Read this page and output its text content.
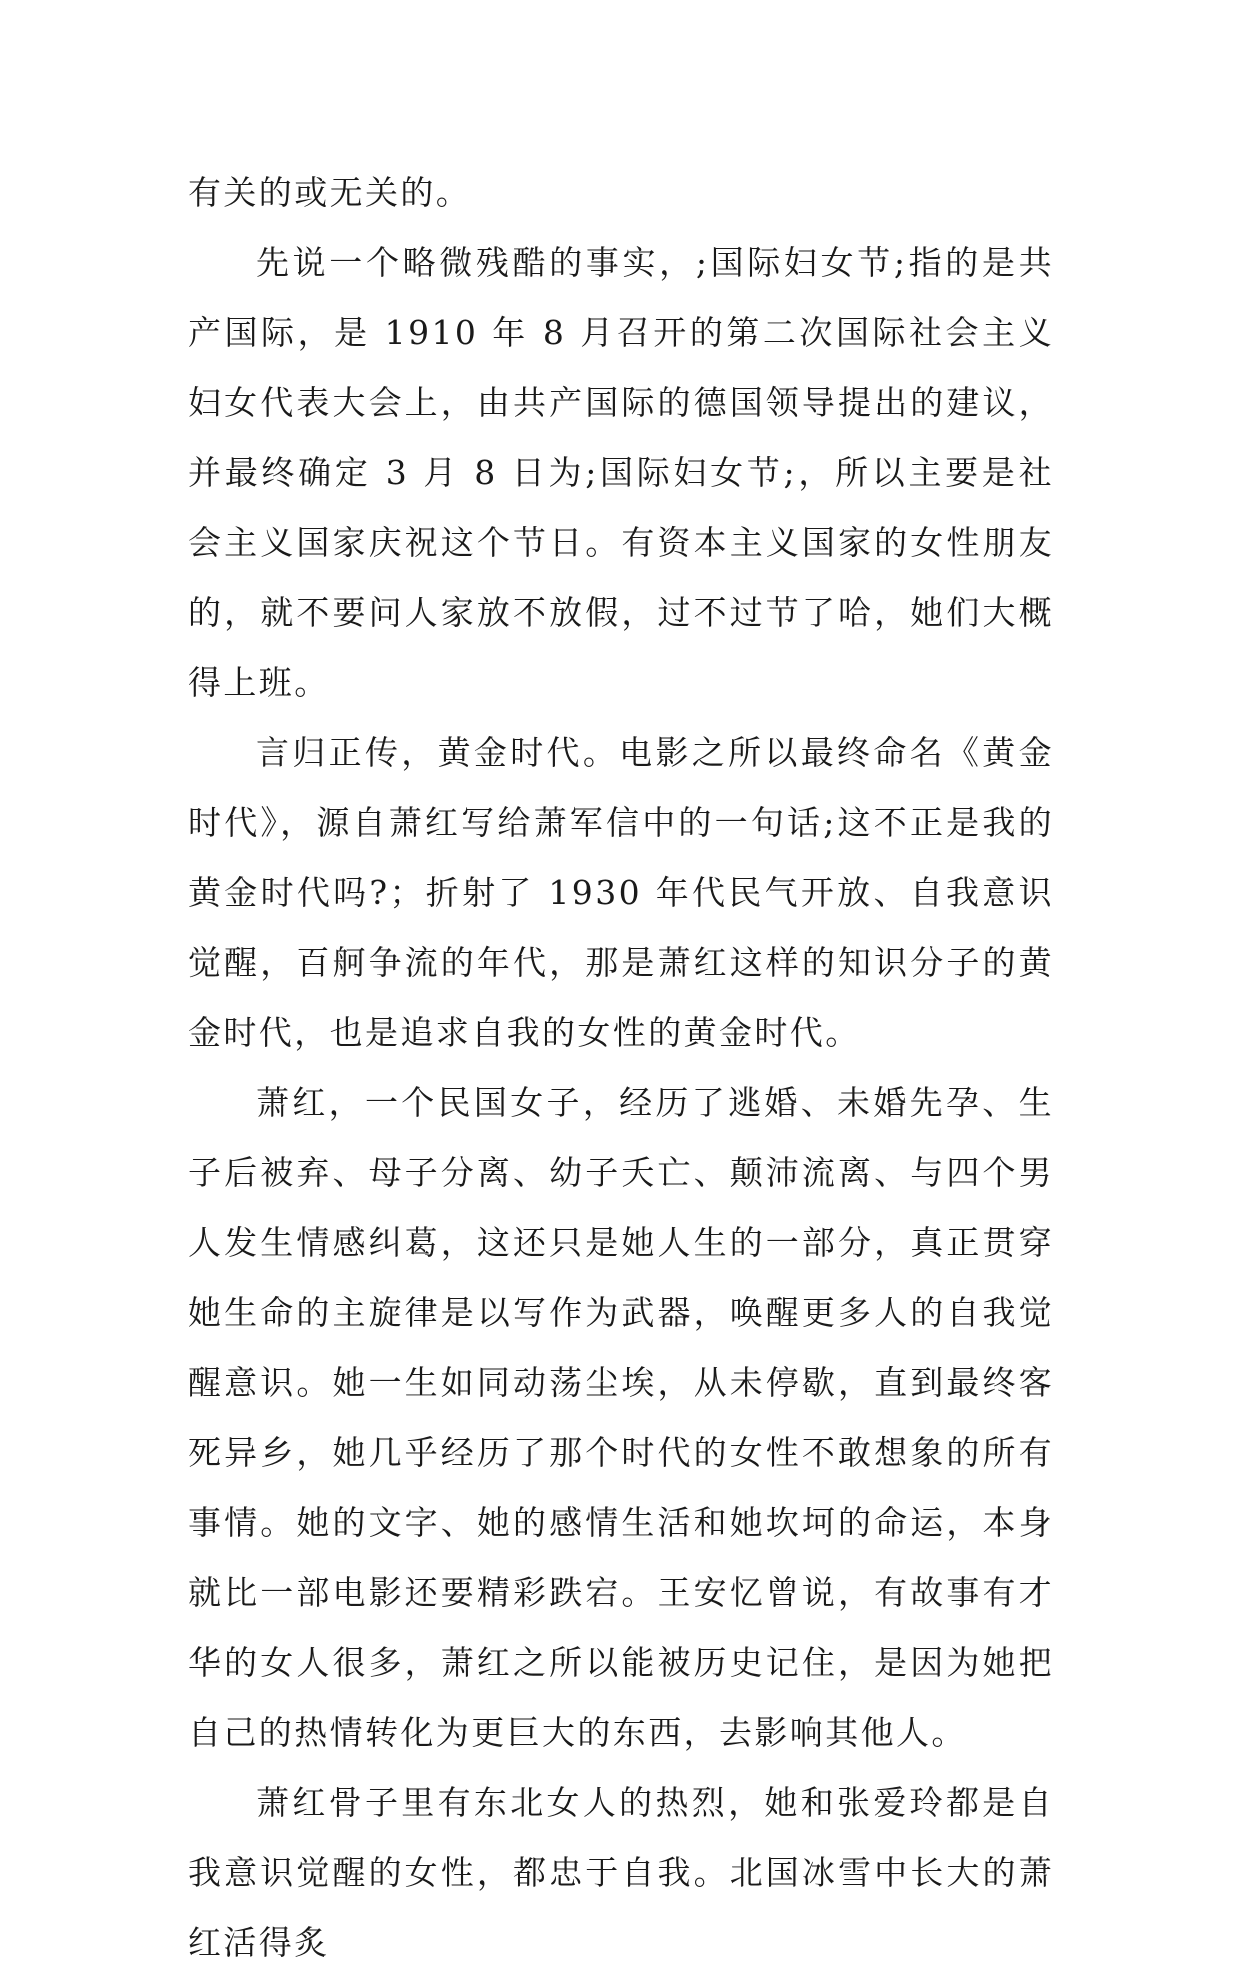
有关的或无关的。

先说一个略微残酷的事实，;国际妇女节;指的是共产国际，是 1910 年 8 月召开的第二次国际社会主义妇女代表大会上，由共产国际的德国领导提出的建议，并最终确定 3 月 8 日为;国际妇女节;，所以主要是社会主义国家庆祝这个节日。有资本主义国家的女性朋友的，就不要问人家放不放假，过不过节了哈，她们大概得上班。

言归正传，黄金时代。电影之所以最终命名《黄金时代》，源自萧红写给萧军信中的一句话;这不正是我的黄金时代吗?；折射了 1930 年代民气开放、自我意识觉醒，百舸争流的年代，那是萧红这样的知识分子的黄金时代，也是追求自我的女性的黄金时代。

萧红，一个民国女子，经历了逃婚、未婚先孕、生子后被弃、母子分离、幼子夭亡、颠沛流离、与四个男人发生情感纠葛，这还只是她人生的一部分，真正贯穿她生命的主旋律是以写作为武器，唤醒更多人的自我觉醒意识。她一生如同动荡尘埃，从未停歇，直到最终客死异乡，她几乎经历了那个时代的女性不敢想象的所有事情。她的文字、她的感情生活和她坎坷的命运，本身就比一部电影还要精彩跌宕。王安忆曾说，有故事有才华的女人很多，萧红之所以能被历史记住，是因为她把自己的热情转化为更巨大的东西，去影响其他人。

萧红骨子里有东北女人的热烈，她和张爱玲都是自我意识觉醒的女性，都忠于自我。北国冰雪中长大的萧红活得炙
